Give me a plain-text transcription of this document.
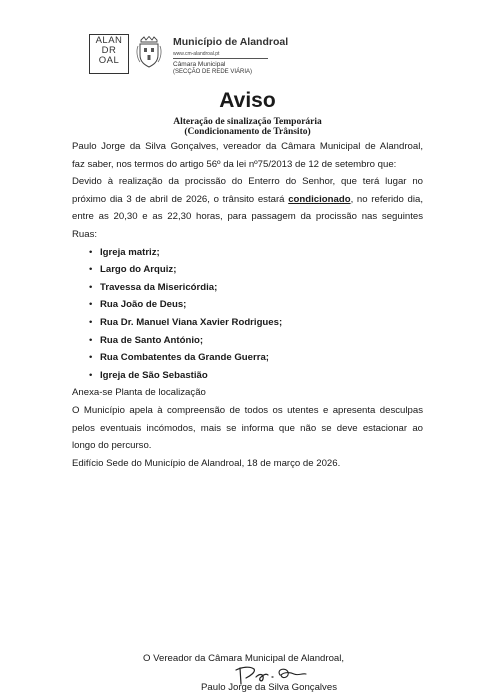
ALAN
DR
OAL
Município de Alandroal
www.cm-alandroal.pt
Câmara Municipal
(SECÇÃO DE REDE VIÁRIA)
Aviso
Alteração de sinalização Temporária
(Condicionamento de Trânsito)

Paulo Jorge da Silva Gonçalves, vereador da Câmara Municipal de Alandroal,
faz saber, nos termos do artigo 56º da lei nº75/2013 de 12 de setembro que:

Devido à realização da procissão do Enterro do Senhor, que terá lugar no
próximo dia 3 de abril de 2026, o trânsito estará condicionado, no referido dia,
entre as 20,30 e as 22,30 horas, para passagem da procissão nas seguintes
Ruas:

• Igreja matriz;
• Largo do Arquiz;
• Travessa da Misericórdia;
• Rua João de Deus;
• Rua Dr. Manuel Viana Xavier Rodrigues;
• Rua de Santo António;
• Rua Combatentes da Grande Guerra;
• Igreja de São Sebastião

Anexa-se Planta de localização

O Município apela à compreensão de todos os utentes e apresenta desculpas
pelos eventuais incómodos, mais se informa que não se deve estacionar ao
longo do percurso.

Edifício Sede do Município de Alandroal, 18 de março de 2026.

O Vereador da Câmara Municipal de Alandroal,
Paulo Jorge da Silva Gonçalves
